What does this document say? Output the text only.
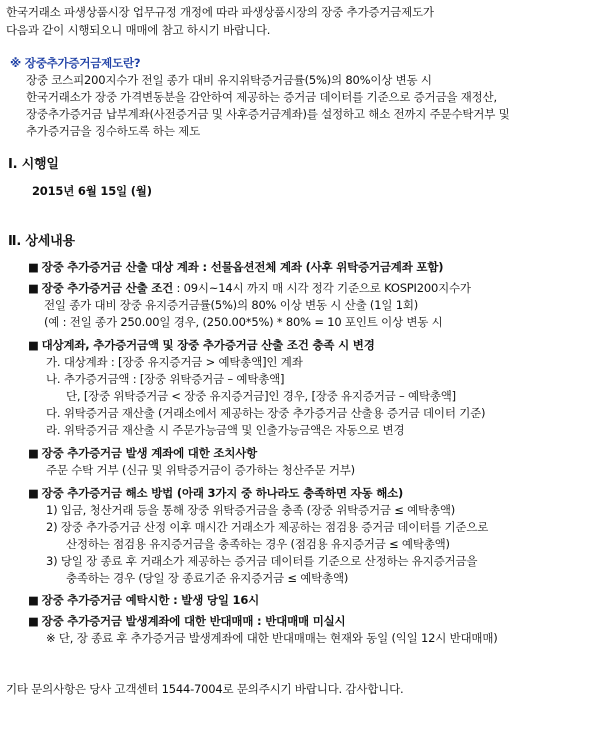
한국거래소 파생상품시장 업무규정 개정에 따라 파생상품시장의 장중 추가증거금제도가
다음과 같이 시행되오니 매매에 참고 하시기 바랍니다.
※ 장중추가증거금제도란?
장중 코스피200지수가 전일 종가 대비 유지위탁증거금률(5%)의 80%이상 변동 시
한국거래소가 장중 가격변동분을 감안하여 제공하는 증거금 데이터를 기준으로 증거금을 재정산,
장중추가증거금 납부계좌(사전증거금 및 사후증거금계좌)를 설정하고 해소 전까지 주문수탁거부 및
추가증거금을 징수하도록 하는 제도
Ⅰ. 시행일
2015년 6월 15일 (월)
Ⅱ. 상세내용
■ 장중 추가증거금 산출 대상 계좌 : 선물옵션전체 계좌 (사후 위탁증거금계좌 포함)
■ 장중 추가증거금 산출 조건 : 09시~14시 까지 매 시각 정각 기준으로 KOSPI200지수가
전일 종가 대비 장중 유지증거금률(5%)의 80% 이상 변동 시 산출 (1일 1회)
(예 : 전일 종가 250.00일 경우, (250.00*5%) * 80% = 10 포인트 이상 변동 시
■ 대상계좌, 추가증거금액 및 장중 추가증거금 산출 조건 충족 시 변경
가. 대상계좌 : [장중 유지증거금 > 예탁총액]인 계좌
나. 추가증거금액 : [장중 위탁증거금 – 예탁총액]
단, [장중 위탁증거금 < 장중 유지증거금]인 경우, [장중 유지증거금 – 예탁총액]
다. 위탁증거금 재산출 (거래소에서 제공하는 장중 추가증거금 산출용 증거금 데이터 기준)
라. 위탁증거금 재산출 시 주문가능금액 및 인출가능금액은 자동으로 변경
■ 장중 추가증거금 발생 계좌에 대한 조치사항
주문 수탁 거부 (신규 및 위탁증거금이 증가하는 청산주문 거부)
■ 장중 추가증거금 해소 방법 (아래 3가지 중 하나라도 충족하면 자동 해소)
1) 입금, 청산거래 등을 통해 장중 위탁증거금을 충족 (장중 위탁증거금 ≤ 예탁총액)
2) 장중 추가증거금 산정 이후 매시간 거래소가 제공하는 점검용 증거금 데이터를 기준으로
산정하는 점검용 유지증거금을 충족하는 경우 (점검용 유지증거금 ≤ 예탁총액)
3) 당일 장 종료 후 거래소가 제공하는 증거금 데이터를 기준으로 산정하는 유지증거금을
충족하는 경우 (당일 장 종료기준 유지증거금 ≤ 예탁총액)
■ 장중 추가증거금 예탁시한 : 발생 당일 16시
■ 장중 추가증거금 발생계좌에 대한 반대매매 : 반대매매 미실시
※ 단, 장 종료 후 추가증거금 발생계좌에 대한 반대매매는 현재와 동일 (익일 12시 반대매매)
기타 문의사항은 당사 고객센터 1544-7004로 문의주시기 바랍니다. 감사합니다.
